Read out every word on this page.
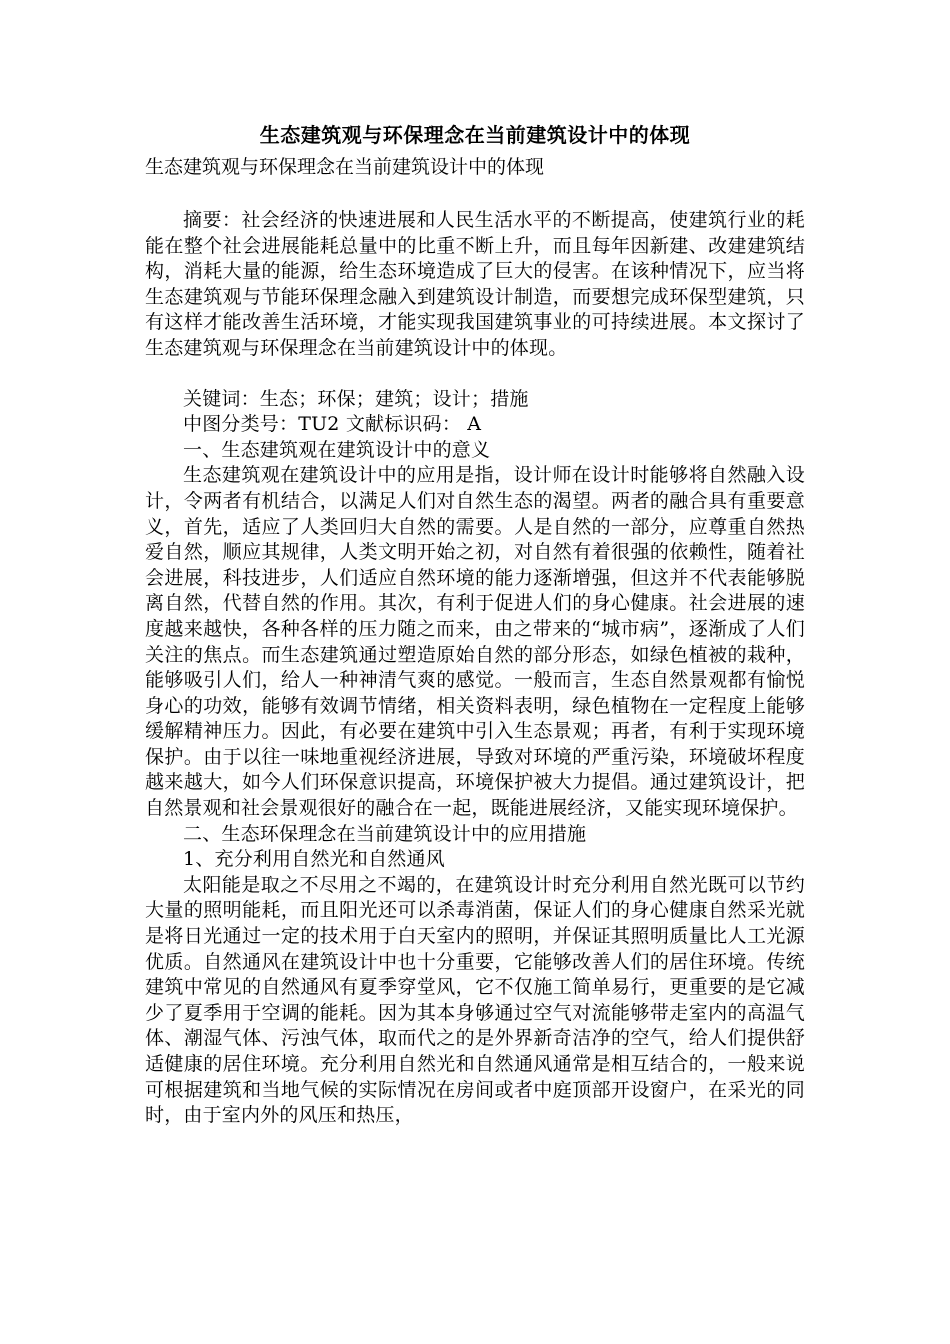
生态建筑观与环保理念在当前建筑设计中的体现
生态建筑观与环保理念在当前建筑设计中的体现

摘要：社会经济的快速进展和人民生活水平的不断提高，使建筑行业的耗能在整个社会进展能耗总量中的比重不断上升，而且每年因新建、改建建筑结构，消耗大量的能源，给生态环境造成了巨大的侵害。在该种情况下，应当将生态建筑观与节能环保理念融入到建筑设计制造，而要想完成环保型建筑，只有这样才能改善生活环境，才能实现我国建筑事业的可持续进展。本文探讨了生态建筑观与环保理念在当前建筑设计中的体现。

关键词：生态；环保；建筑；设计；措施

中图分类号：TU2 文献标识码： A

一、生态建筑观在建筑设计中的意义

生态建筑观在建筑设计中的应用是指，设计师在设计时能够将自然融入设计，令两者有机结合，以满足人们对自然生态的渴望。两者的融合具有重要意义，首先，适应了人类回归大自然的需要。人是自然的一部分，应尊重自然热爱自然，顺应其规律，人类文明开始之初，对自然有着很强的依赖性，随着社会进展，科技进步，人们适应自然环境的能力逐渐增强，但这并不代表能够脱离自然，代替自然的作用。其次，有利于促进人们的身心健康。社会进展的速度越来越快，各种各样的压力随之而来，由之带来的“城市病”，逐渐成了人们关注的焦点。而生态建筑通过塑造原始自然的部分形态，如绿色植被的栽种，能够吸引人们，给人一种神清气爽的感觉。一般而言，生态自然景观都有愉悦身心的功效，能够有效调节情绪，相关资料表明，绿色植物在一定程度上能够缓解精神压力。因此，有必要在建筑中引入生态景观；再者，有利于实现环境保护。由于以往一味地重视经济进展，导致对环境的严重污染，环境破坏程度越来越大，如今人们环保意识提高，环境保护被大力提倡。通过建筑设计，把自然景观和社会景观很好的融合在一起，既能进展经济，又能实现环境保护。

二、生态环保理念在当前建筑设计中的应用措施

1、充分利用自然光和自然通风

太阳能是取之不尽用之不竭的，在建筑设计时充分利用自然光既可以节约大量的照明能耗，而且阳光还可以杀毒消菌，保证人们的身心健康自然采光就是将日光通过一定的技术用于白天室内的照明，并保证其照明质量比人工光源优质。自然通风在建筑设计中也十分重要，它能够改善人们的居住环境。传统建筑中常见的自然通风有夏季穿堂风，它不仅施工简单易行，更重要的是它减少了夏季用于空调的能耗。因为其本身够通过空气对流能够带走室内的高温气体、潮湿气体、污浊气体，取而代之的是外界新奇洁净的空气，给人们提供舒适健康的居住环境。充分利用自然光和自然通风通常是相互结合的，一般来说可根据建筑和当地气候的实际情况在房间或者中庭顶部开设窗户，在采光的同时，由于室内外的风压和热压，
